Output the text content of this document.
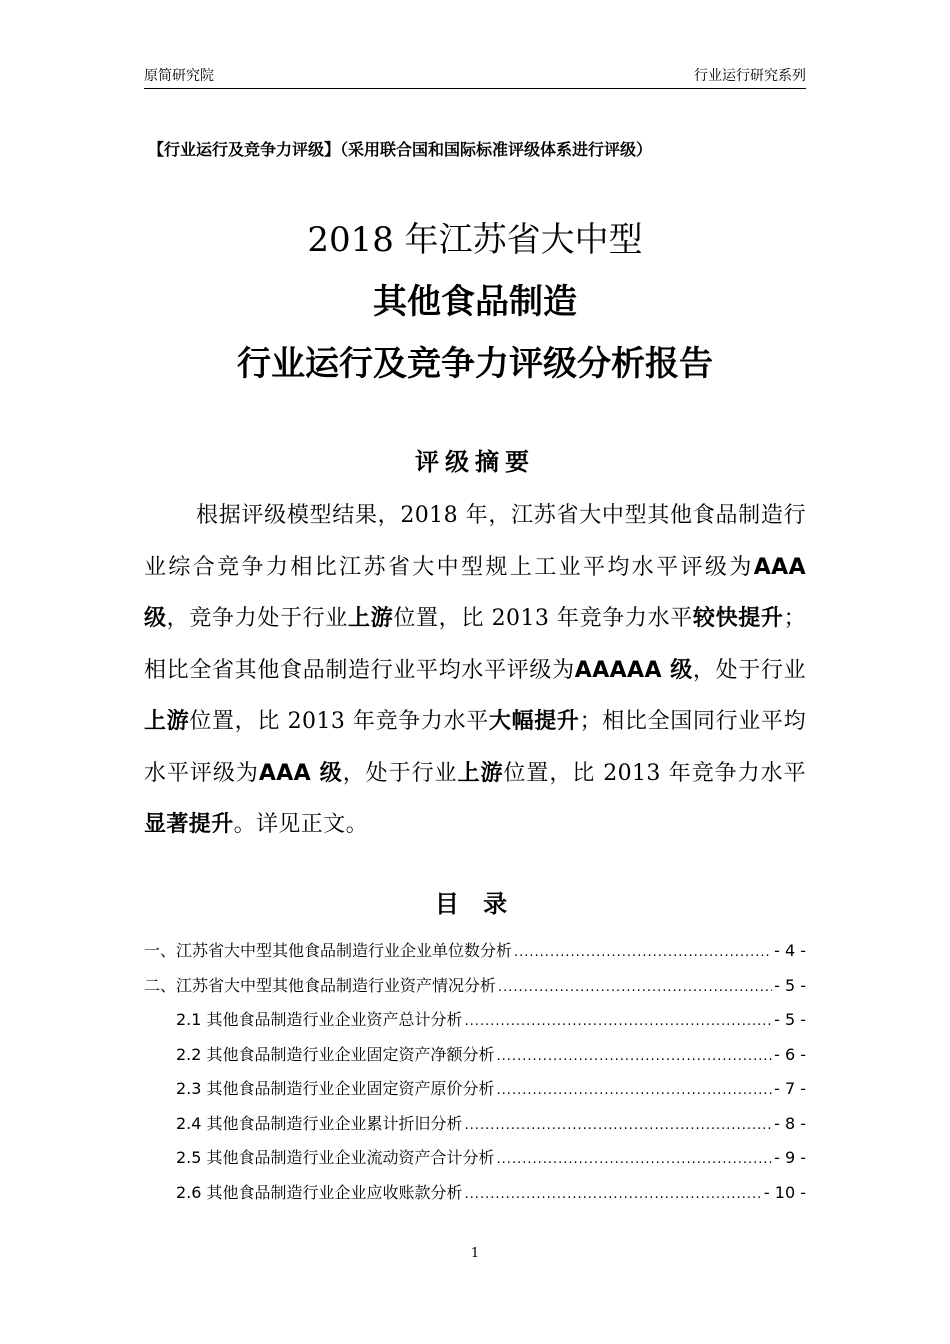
原简研究院	行业运行研究系列
【行业运行及竞争力评级】（采用联合国和国际标准评级体系进行评级）
2018 年江苏省大中型
其他食品制造
行业运行及竞争力评级分析报告
评级摘要
根据评级模型结果，2018 年，江苏省大中型其他食品制造行业综合竞争力相比江苏省大中型规上工业平均水平评级为AAA 级，竞争力处于行业上游位置，比 2013 年竞争力水平较快提升；相比全省其他食品制造行业平均水平评级为AAAAA 级，处于行业上游位置，比 2013 年竞争力水平大幅提升；相比全国同行业平均水平评级为AAA 级，处于行业上游位置，比 2013 年竞争力水平显著提升。详见正文。
目 录
一、江苏省大中型其他食品制造行业企业单位数分析 .....	- 4 -
二、江苏省大中型其他食品制造行业资产情况分析 .....	- 5 -
2.1 其他食品制造行业企业资产总计分析 .....	- 5 -
2.2 其他食品制造行业企业固定资产净额分析 .....	- 6 -
2.3 其他食品制造行业企业固定资产原价分析 .....	- 7 -
2.4 其他食品制造行业企业累计折旧分析 .....	- 8 -
2.5 其他食品制造行业企业流动资产合计分析 .....	- 9 -
2.6 其他食品制造行业企业应收账款分析 .....	- 10 -
1
